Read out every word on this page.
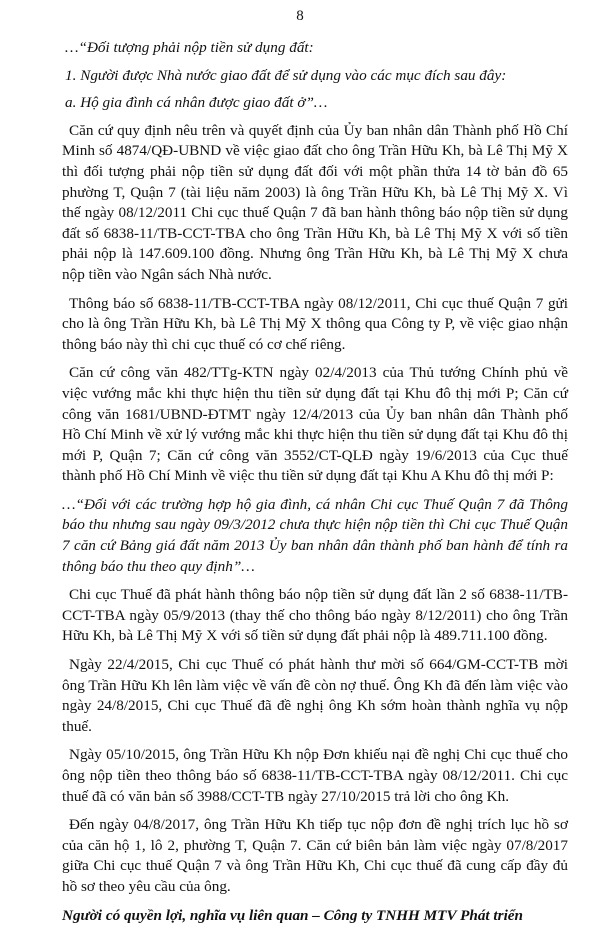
8

…“Đối tượng phải nộp tiền sử dụng đất:

1. Người được Nhà nước giao đất để sử dụng vào các mục đích sau đây:

a. Hộ gia đình cá nhân được giao đất ở”…

Căn cứ quy định nêu trên và quyết định của Ủy ban nhân dân Thành phố Hồ Chí Minh số 4874/QĐ-UBND về việc giao đất cho ông Trần Hữu Kh, bà Lê Thị Mỹ X thì đối tượng phải nộp tiền sử dụng đất đối với một phần thửa 14 tờ bản đồ 65 phường T, Quận 7 (tài liệu năm 2003) là ông Trần Hữu Kh, bà Lê Thị Mỹ X. Vì thế ngày 08/12/2011 Chi cục thuế Quận 7 đã ban hành thông báo nộp tiền sử dụng đất số 6838-11/TB-CCT-TBA cho ông Trần Hữu Kh, bà Lê Thị Mỹ X với số tiền phải nộp là 147.609.100 đồng. Nhưng ông Trần Hữu Kh, bà Lê Thị Mỹ X chưa nộp tiền vào Ngân sách Nhà nước.

Thông báo số 6838-11/TB-CCT-TBA ngày 08/12/2011, Chi cục thuế Quận 7 gửi cho là ông Trần Hữu Kh, bà Lê Thị Mỹ X thông qua Công ty P, về việc giao nhận thông báo này thì chi cục thuế có cơ chế riêng.

Căn cứ công văn 482/TTg-KTN ngày 02/4/2013 của Thủ tướng Chính phủ về việc vướng mắc khi thực hiện thu tiền sử dụng đất tại Khu đô thị mới P; Căn cứ công văn 1681/UBND-ĐTMT ngày 12/4/2013 của Ủy ban nhân dân Thành phố Hồ Chí Minh về xử lý vướng mắc khi thực hiện thu tiền sử dụng đất tại Khu đô thị mới P, Quận 7; Căn cứ công văn 3552/CT-QLĐ ngày 19/6/2013 của Cục thuế thành phố Hồ Chí Minh về việc thu tiền sử dụng đất tại Khu A Khu đô thị mới P:

…“Đối với các trường hợp hộ gia đình, cá nhân Chi cục Thuế Quận 7 đã Thông báo thu nhưng sau ngày 09/3/2012 chưa thực hiện nộp tiền thì Chi cục Thuế Quận 7 căn cứ Bảng giá đất năm 2013 Ủy ban nhân dân thành phố ban hành để tính ra thông báo thu theo quy định”…

Chi cục Thuế đã phát hành thông báo nộp tiền sử dụng đất lần 2 số 6838-11/TB-CCT-TBA ngày 05/9/2013 (thay thế cho thông báo ngày 8/12/2011) cho ông Trần Hữu Kh, bà Lê Thị Mỹ X với số tiền sử dụng đất phải nộp là 489.711.100 đồng.

Ngày 22/4/2015, Chi cục Thuế có phát hành thư mời số 664/GM-CCT-TB mời ông Trần Hữu Kh lên làm việc về vấn đề còn nợ thuế. Ông Kh đã đến làm việc vào ngày 24/8/2015, Chi cục Thuế đã đề nghị ông Kh sớm hoàn thành nghĩa vụ nộp thuế.

Ngày 05/10/2015, ông Trần Hữu Kh nộp Đơn khiếu nại đề nghị Chi cục thuế cho ông nộp tiền theo thông báo số 6838-11/TB-CCT-TBA ngày 08/12/2011. Chi cục thuế đã có văn bản số 3988/CCT-TB ngày 27/10/2015 trả lời cho ông Kh.

Đến ngày 04/8/2017, ông Trần Hữu Kh tiếp tục nộp đơn đề nghị trích lục hồ sơ của căn hộ 1, lô 2, phường T, Quận 7. Căn cứ biên bản làm việc ngày 07/8/2017 giữa Chi cục thuế Quận 7 và ông Trần Hữu Kh, Chi cục thuế đã cung cấp đầy đủ hồ sơ theo yêu cầu của ông.

Người có quyền lợi, nghĩa vụ liên quan – Công ty TNHH MTV Phát triển
